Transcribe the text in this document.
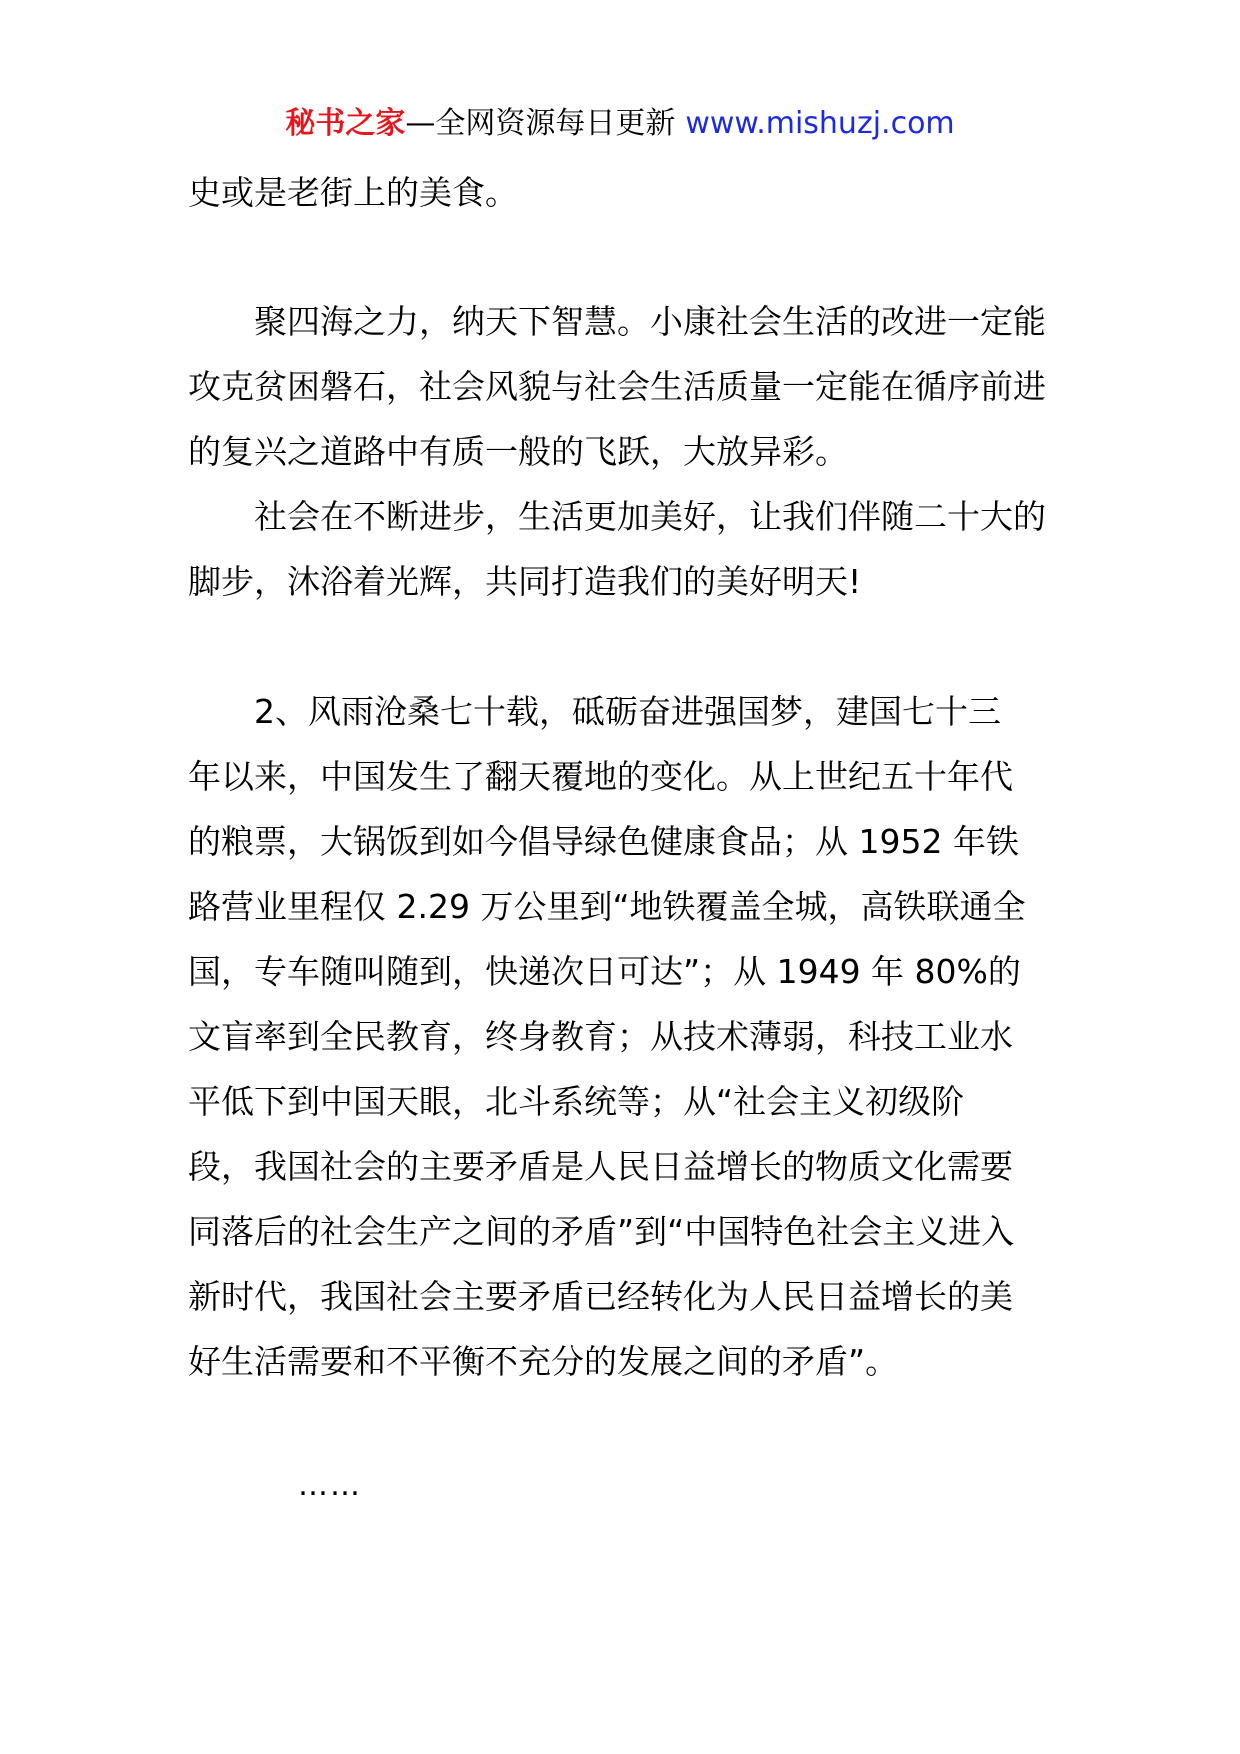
秘书之家—全网资源每日更新 www.mishuzj.com

史或是老街上的美食。

聚四海之力，纳天下智慧。小康社会生活的改进一定能攻克贫困磐石，社会风貌与社会生活质量一定能在循序前进的复兴之道路中有质一般的飞跃，大放异彩。

社会在不断进步，生活更加美好，让我们伴随二十大的脚步，沐浴着光辉，共同打造我们的美好明天!

2、风雨沧桑七十载，砥砺奋进强国梦，建国七十三年以来，中国发生了翻天覆地的变化。从上世纪五十年代的粮票，大锅饭到如今倡导绿色健康食品；从 1952 年铁路营业里程仅 2.29 万公里到“地铁覆盖全城，高铁联通全国，专车随叫随到，快递次日可达”；从 1949 年 80%的文盲率到全民教育，终身教育；从技术薄弱，科技工业水平低下到中国天眼，北斗系统等；从“社会主义初级阶段，我国社会的主要矛盾是人民日益增长的物质文化需要同落后的社会生产之间的矛盾”到“中国特色社会主义进入新时代，我国社会主要矛盾已经转化为人民日益增长的美好生活需要和不平衡不充分的发展之间的矛盾”。

……
